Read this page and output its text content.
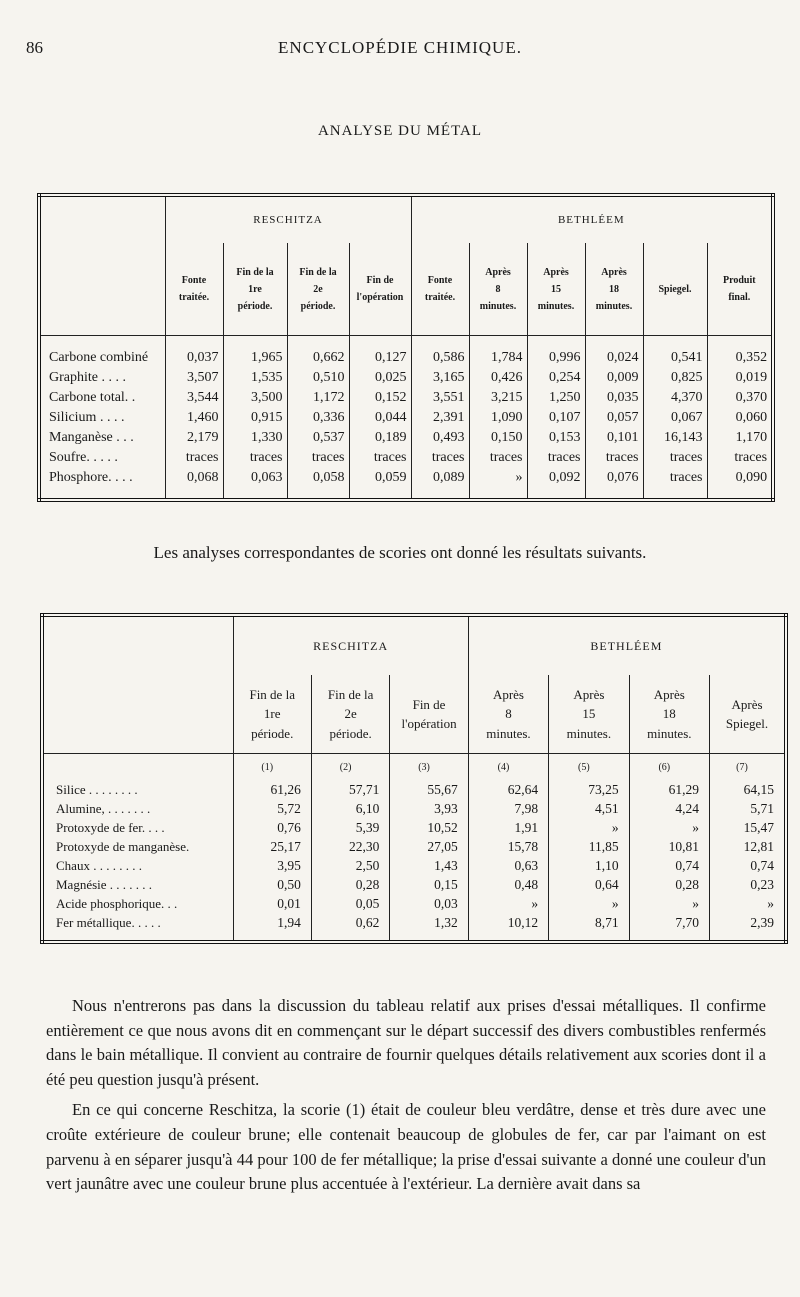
86	ENCYCLOPÉDIE CHIMIQUE.
ANALYSE DU MÉTAL
	RESCHITZA				BETHLÉEM					

	Fonte
traitée.	Fin de la
1re
période.	Fin de la
2e
période.	Fin de
l'opération	Fonte
traitée.	Après
8
minutes.	Après
15
minutes.	Après
18
minutes.	Spiegel.	Produit
final.

Carbone combiné	0,037	1,965	0,662	0,127	0,586	1,784	0,996	0,024	0,541	0,352
Graphite . . . .	3,507	1,535	0,510	0,025	3,165	0,426	0,254	0,009	0,825	0,019
Carbone total. .	3,544	3,500	1,172	0,152	3,551	3,215	1,250	0,035	4,370	0,370
Silicium . . . .	1,460	0,915	0,336	0,044	2,391	1,090	0,107	0,057	0,067	0,060
Manganèse . . .	2,179	1,330	0,537	0,189	0,493	0,150	0,153	0,101	16,143	1,170
Soufre. . . . .	traces	traces	traces	traces	traces	traces	traces	traces	traces	traces
Phosphore. . . .	0,068	0,063	0,058	0,059	0,089	»	0,092	0,076	traces	0,090
Les analyses correspondantes de scories ont donné les résultats suivants.
	RESCHITZA			BETHLÉEM			

	Fin de la
1re
période.	Fin de la
2e
période.	Fin de
l'opération	Après
8
minutes.	Après
15
minutes.	Après
18
minutes.	Après
Spiegel.

	(1)	(2)	(3)	(4)	(5)	(6)	(7)
Silice . . . . . . . .	61,26	57,71	55,67	62,64	73,25	61,29	64,15
Alumine, . . . . . . .	5,72	6,10	3,93	7,98	4,51	4,24	5,71
Protoxyde de fer. . . .	0,76	5,39	10,52	1,91	»	»	15,47
Protoxyde de manganèse.	25,17	22,30	27,05	15,78	11,85	10,81	12,81
Chaux . . . . . . . .	3,95	2,50	1,43	0,63	1,10	0,74	0,74
Magnésie . . . . . . .	0,50	0,28	0,15	0,48	0,64	0,28	0,23
Acide phosphorique. . .	0,01	0,05	0,03	»	»	»	»
Fer métallique. . . . .	1,94	0,62	1,32	10,12	8,71	7,70	2,39

Nous n'entrerons pas dans la discussion du tableau relatif aux prises d'essai métalliques. Il confirme entièrement ce que nous avons dit en commençant sur le départ successif des divers combustibles renfermés dans le bain métallique. Il convient au contraire de fournir quelques détails relativement aux scories dont il a été peu question jusqu'à présent.

En ce qui concerne Reschitza, la scorie (1) était de couleur bleu verdâtre, dense et très dure avec une croûte extérieure de couleur brune; elle contenait beaucoup de globules de fer, car par l'aimant on est parvenu à en séparer jusqu'à 44 pour 100 de fer métallique; la prise d'essai suivante a donné une couleur d'un vert jaunâtre avec une couleur brune plus accentuée à l'extérieur. La dernière avait dans sa
